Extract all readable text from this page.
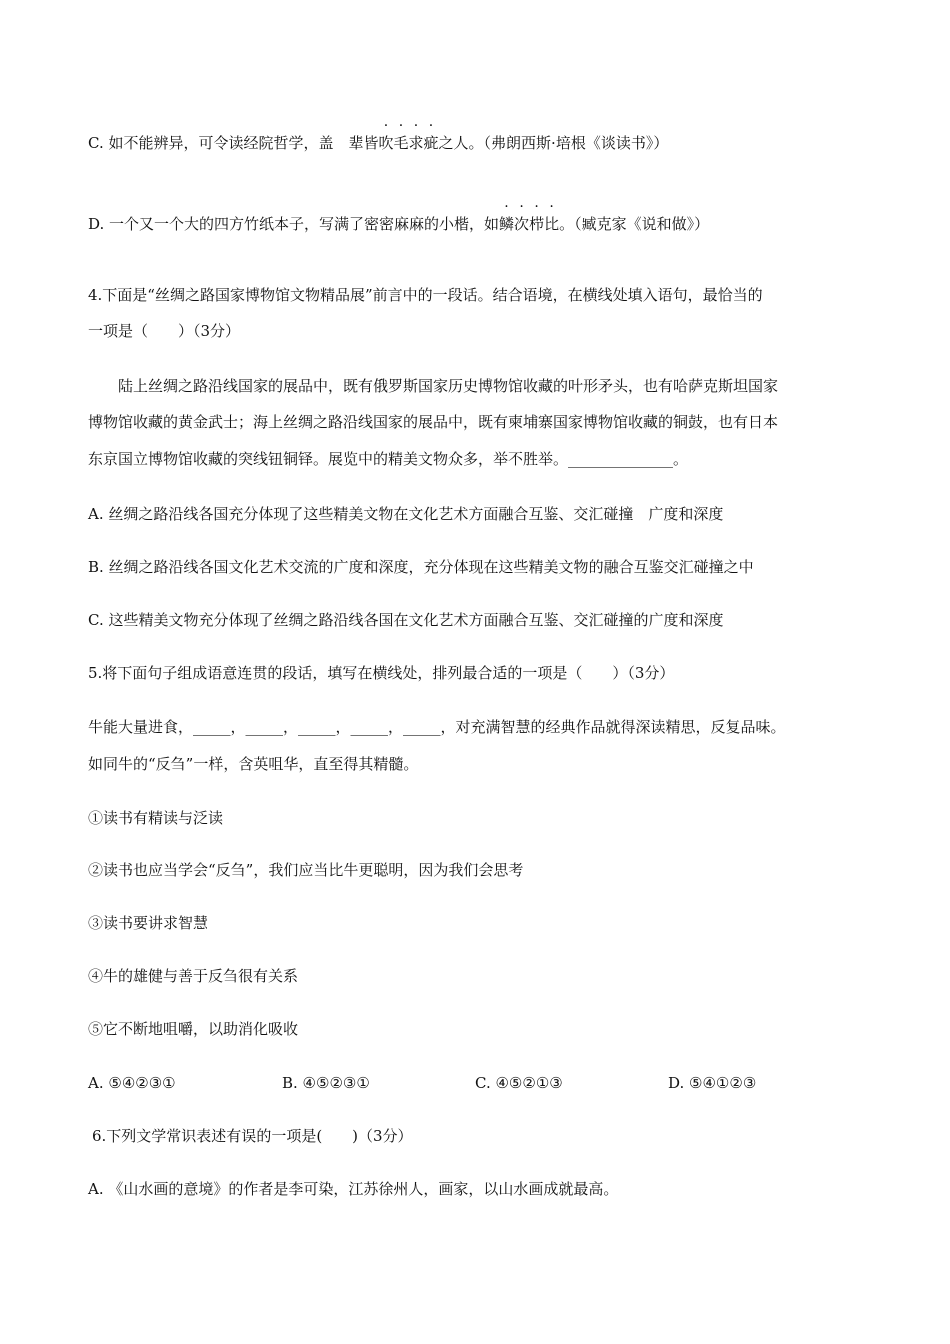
C. 如不能辨异，可令读经院哲学，盖　辈皆吹毛求疵之人。（弗朗西斯·培根《谈读书》）
D. 一个又一个大的四方竹纸本子，写满了密密麻麻的小楷，如鳞次栉比。（臧克家《说和做》）
4.下面是“丝绸之路国家博物馆文物精品展”前言中的一段话。结合语境，在横线处填入语句，最恰当的
一项是（　　）（3分）
陆上丝绸之路沿线国家的展品中，既有俄罗斯国家历史博物馆收藏的叶形矛头，也有哈萨克斯坦国家
博物馆收藏的黄金武士；海上丝绸之路沿线国家的展品中，既有柬埔寨国家博物馆收藏的铜鼓，也有日本
东京国立博物馆收藏的突线钮铜铎。展览中的精美文物众多，举不胜举。______________。
A. 丝绸之路沿线各国充分体现了这些精美文物在文化艺术方面融合互鉴、交汇碰撞　广度和深度
B. 丝绸之路沿线各国文化艺术交流的广度和深度，充分体现在这些精美文物的融合互鉴交汇碰撞之中
C. 这些精美文物充分体现了丝绸之路沿线各国在文化艺术方面融合互鉴、交汇碰撞的广度和深度
5.将下面句子组成语意连贯的段话，填写在横线处，排列最合适的一项是（　　）（3分）
牛能大量进食，_____，_____，_____，_____，_____，对充满智慧的经典作品就得深读精思，反复品味。
如同牛的“反刍”一样，含英咀华，直至得其精髓。
①读书有精读与泛读
②读书也应当学会“反刍”，我们应当比牛更聪明，因为我们会思考
③读书要讲求智慧
④牛的雄健与善于反刍很有关系
⑤它不断地咀嚼，以助消化吸收
A. ⑤④②③①	B. ④⑤②③①	C. ④⑤②①③	D. ⑤④①②③
6.下列文学常识表述有误的一项是(　　)（3分）
A. 《山水画的意境》的作者是李可染，江苏徐州人，画家，以山水画成就最高。
